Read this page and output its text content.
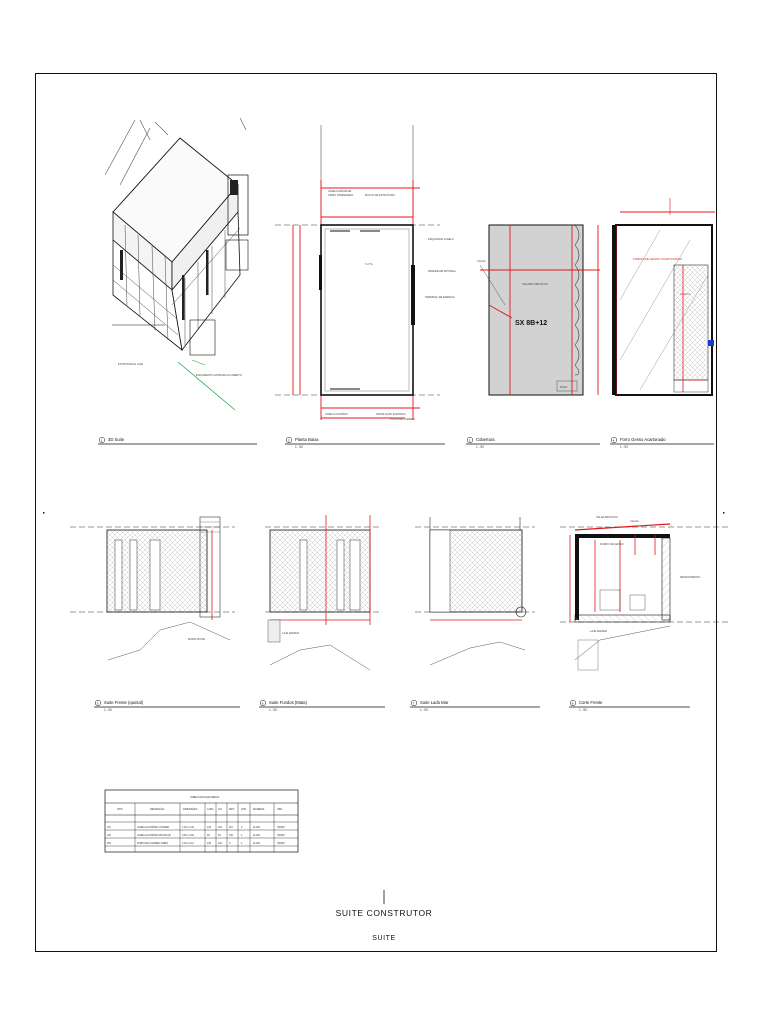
ESTRUTURA E LAJE
ENCHIMENTO ENTRADA AO ABERTO
SUITE
JANELA MAXIM-AR
VIDRO TEMPERADO	BLOCO DE ESTRUTURA
ESQUADRIA JANELA
PAREDE EM DRYWALL
TERMINAL DE ENERGIA
JANELA ALUMÍNIO	INSTALAÇÃO ELÉTRICA
PORTA DE CORRER
SX 8B+12
CALHA
TELHADO METÁLICO
RUFO
FORRO DE GESSO ACARTONADO
SANCA
MURO DIVISA
LAJE RADIER
TELHA METÁLICA
CALHA
FORRO DE GESSO
REVESTIMENTO
LAJE RADIER
1 3D Suite	2 Planta Baixa
1 : 50
3 Cobertura
1 : 50
4 Forro Gesso Acartonado
1 : 50
5 Suite Frente (quintal)
1 : 50
6 Suite Fundos (Mata)
1 : 50
7 Suite Lado Mar
1 : 50
8 Corte Frente
1 : 50
TABELA DE ESQUADRIAS
TIPO	DESCRIÇÃO	DIMENSÕES	LARG ALT	PEIT	QTD	MATERIAL	OBS
J01	JANELA ALUMÍNIO CORRER	1,20 x 1,00	120	100	110	2	ALUM.	VIDRO
J02	JANELA ALUMÍNIO MAXIM-AR	0,60 x 0,60	60	60	150	1	ALUM.	VIDRO
P01	PORTA DE CORRER VIDRO	2,40 x 2,10	240	210	0	1	ALUM.	VIDRO
SUITE CONSTRUTOR
SUITE
